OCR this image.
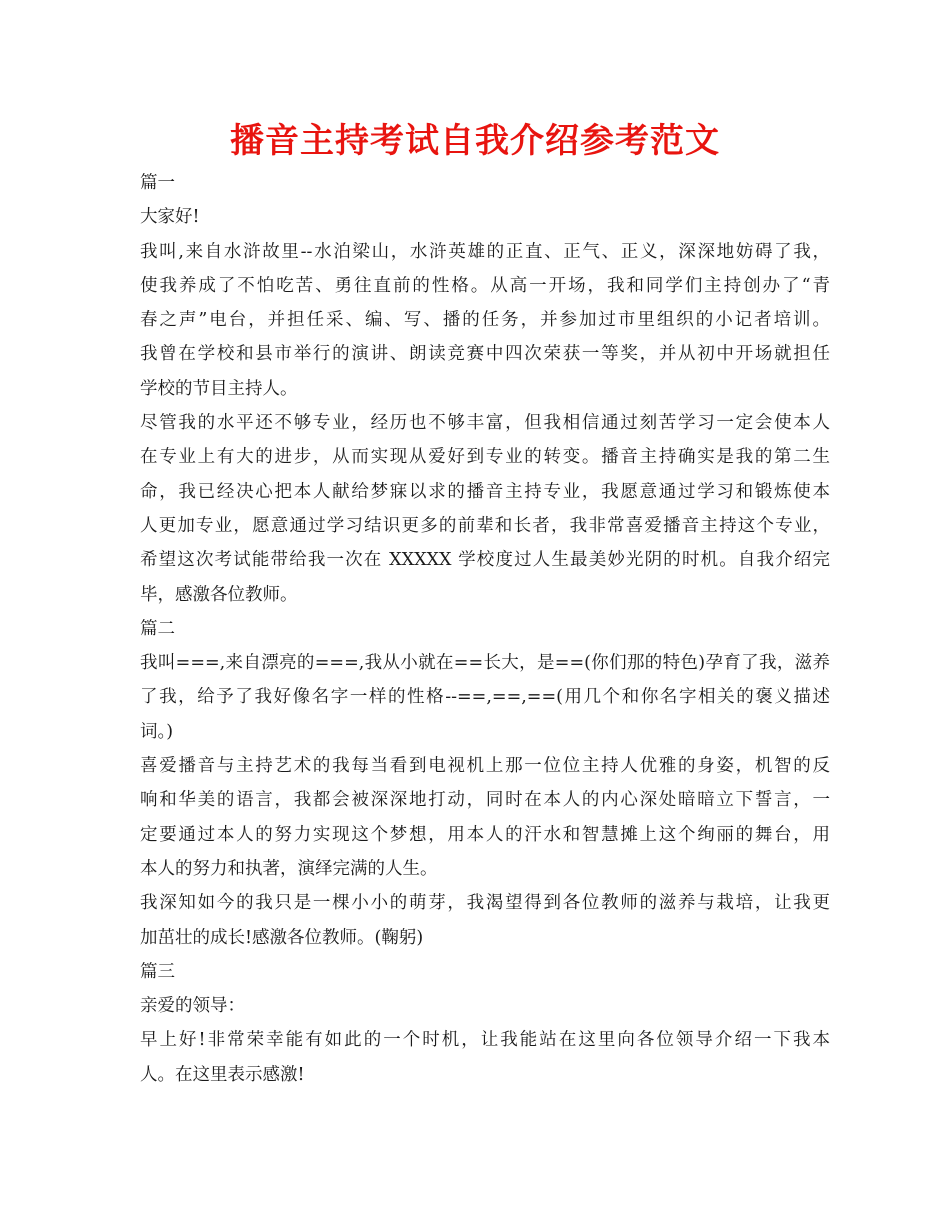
播音主持考试自我介绍参考范文
篇一
大家好!
我叫,来自水浒故里--水泊梁山，水浒英雄的正直、正气、正义，深深地妨碍了我，
使我养成了不怕吃苦、勇往直前的性格。从高一开场，我和同学们主持创办了“青
春之声”电台，并担任采、编、写、播的任务，并参加过市里组织的小记者培训。
我曾在学校和县市举行的演讲、朗读竞赛中四次荣获一等奖，并从初中开场就担任
学校的节目主持人。
尽管我的水平还不够专业，经历也不够丰富，但我相信通过刻苦学习一定会使本人
在专业上有大的进步，从而实现从爱好到专业的转变。播音主持确实是我的第二生
命，我已经决心把本人献给梦寐以求的播音主持专业，我愿意通过学习和锻炼使本
人更加专业，愿意通过学习结识更多的前辈和长者，我非常喜爱播音主持这个专业，
希望这次考试能带给我一次在 XXXXX 学校度过人生最美妙光阴的时机。自我介绍完
毕，感激各位教师。
篇二
我叫===,来自漂亮的===,我从小就在==长大，是==(你们那的特色)孕育了我，滋养
了我，给予了我好像名字一样的性格--==,==,==(用几个和你名字相关的褒义描述
词。)
喜爱播音与主持艺术的我每当看到电视机上那一位位主持人优雅的身姿，机智的反
响和华美的语言，我都会被深深地打动，同时在本人的内心深处暗暗立下誓言，一
定要通过本人的努力实现这个梦想，用本人的汗水和智慧摊上这个绚丽的舞台，用
本人的努力和执著，演绎完满的人生。
我深知如今的我只是一棵小小的萌芽，我渴望得到各位教师的滋养与栽培，让我更
加茁壮的成长!感激各位教师。(鞠躬)
篇三
亲爱的领导：
早上好!非常荣幸能有如此的一个时机，让我能站在这里向各位领导介绍一下我本
人。在这里表示感激!
